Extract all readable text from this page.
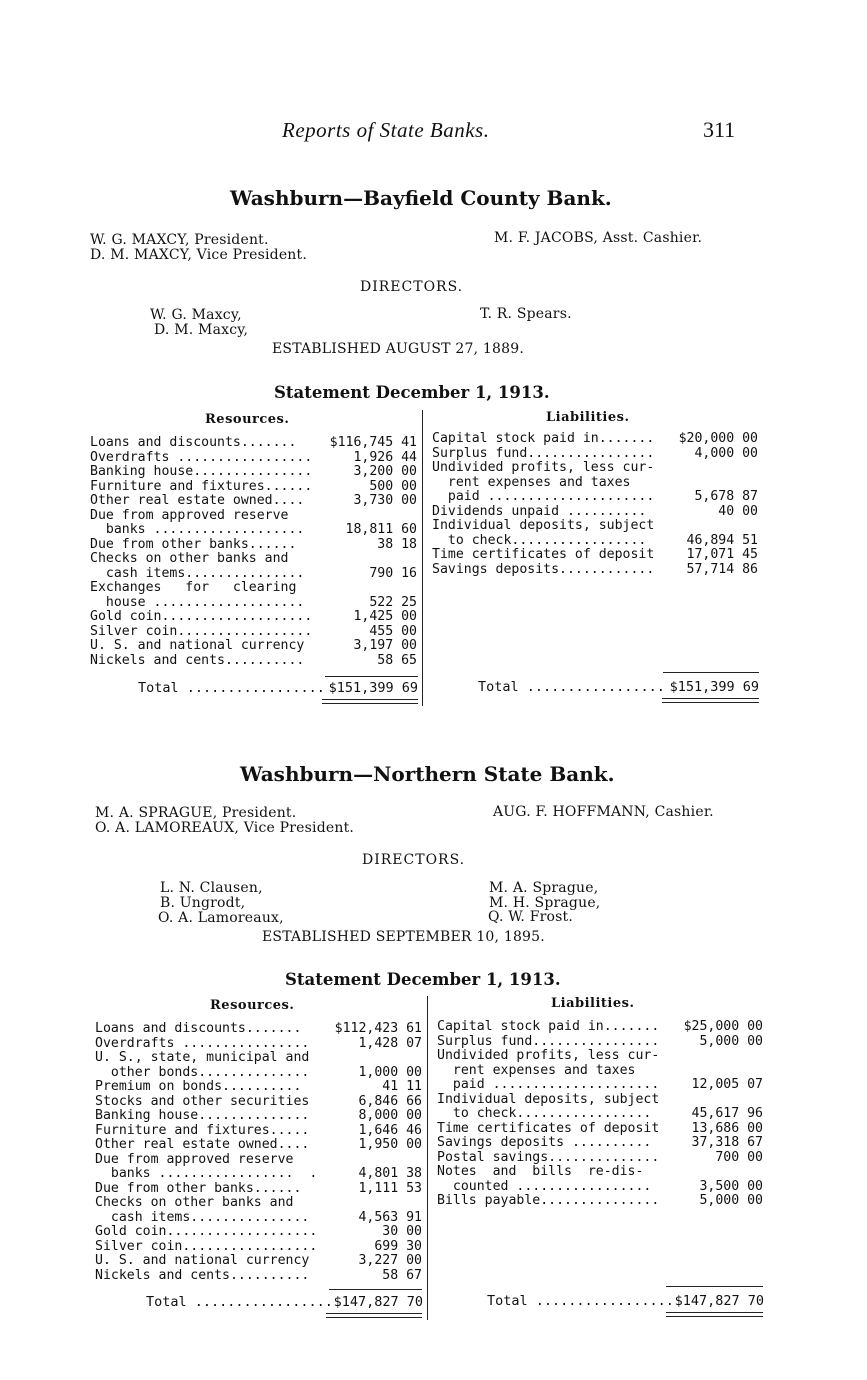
Reports of State Banks.	311
Washburn—Bayfield County Bank.
W. G. MAXCY, President.
D. M. MAXCY, Vice President.
M. F. JACOBS, Asst. Cashier.
DIRECTORS.
W. G. Maxcy,
D. M. Maxcy,
T. R. Spears.
ESTABLISHED AUGUST 27, 1889.
Statement December 1, 1913.
Resources.	Liabilities.
Loans and discounts.......	$116,745 41
Overdrafts .................	1,926 44
Banking house...............	3,200 00
Furniture and fixtures......	500 00
Other real estate owned....	3,730 00
Due from approved reserve
banks ...................	18,811 60
Due from other banks......	38 18
Checks on other banks and
cash items...............	790 16
Exchanges   for   clearing
house ...................	522 25
Gold coin...................	1,425 00
Silver coin.................	455 00
U. S. and national currency	3,197 00
Nickels and cents..........	58 65
Capital stock paid in.......	$20,000 00
Surplus fund................	4,000 00
Undivided profits, less cur-
rent expenses and taxes
paid .....................	5,678 87
Dividends unpaid ..........	40 00
Individual deposits, subject
to check.................	46,894 51
Time certificates of deposit	17,071 45
Savings deposits............	57,714 86
Total ................. $151,399 69	Total ................. $151,399 69
Washburn—Northern State Bank.
M. A. SPRAGUE, President.
O. A. LAMOREAUX, Vice President.
AUG. F. HOFFMANN, Cashier.
DIRECTORS.
L. N. Clausen,
B. Ungrodt,
O. A. Lamoreaux,
M. A. Sprague,
M. H. Sprague,
Q. W. Frost.
ESTABLISHED SEPTEMBER 10, 1895.
Statement December 1, 1913.
Resources.	Liabilities.
Loans and discounts.......	$112,423 61
Overdrafts ................	1,428 07
U. S., state, municipal and
other bonds..............	1,000 00
Premium on bonds..........	41 11
Stocks and other securities	6,846 66
Banking house..............	8,000 00
Furniture and fixtures.....	1,646 46
Other real estate owned....	1,950 00
Due from approved reserve
banks .................  .	4,801 38
Due from other banks......	1,111 53
Checks on other banks and
cash items...............	4,563 91
Gold coin...................	30 00
Silver coin.................	699 30
U. S. and national currency	3,227 00
Nickels and cents..........	58 67
Capital stock paid in.......	$25,000 00
Surplus fund................	5,000 00
Undivided profits, less cur-
rent expenses and taxes
paid .....................	12,005 07
Individual deposits, subject
to check.................	45,617 96
Time certificates of deposit	13,686 00
Savings deposits ..........	37,318 67
Postal savings..............	700 00
Notes  and  bills  re-dis-
counted .................	3,500 00
Bills payable...............	5,000 00
Total ................. $147,827 70	Total ................. $147,827 70
